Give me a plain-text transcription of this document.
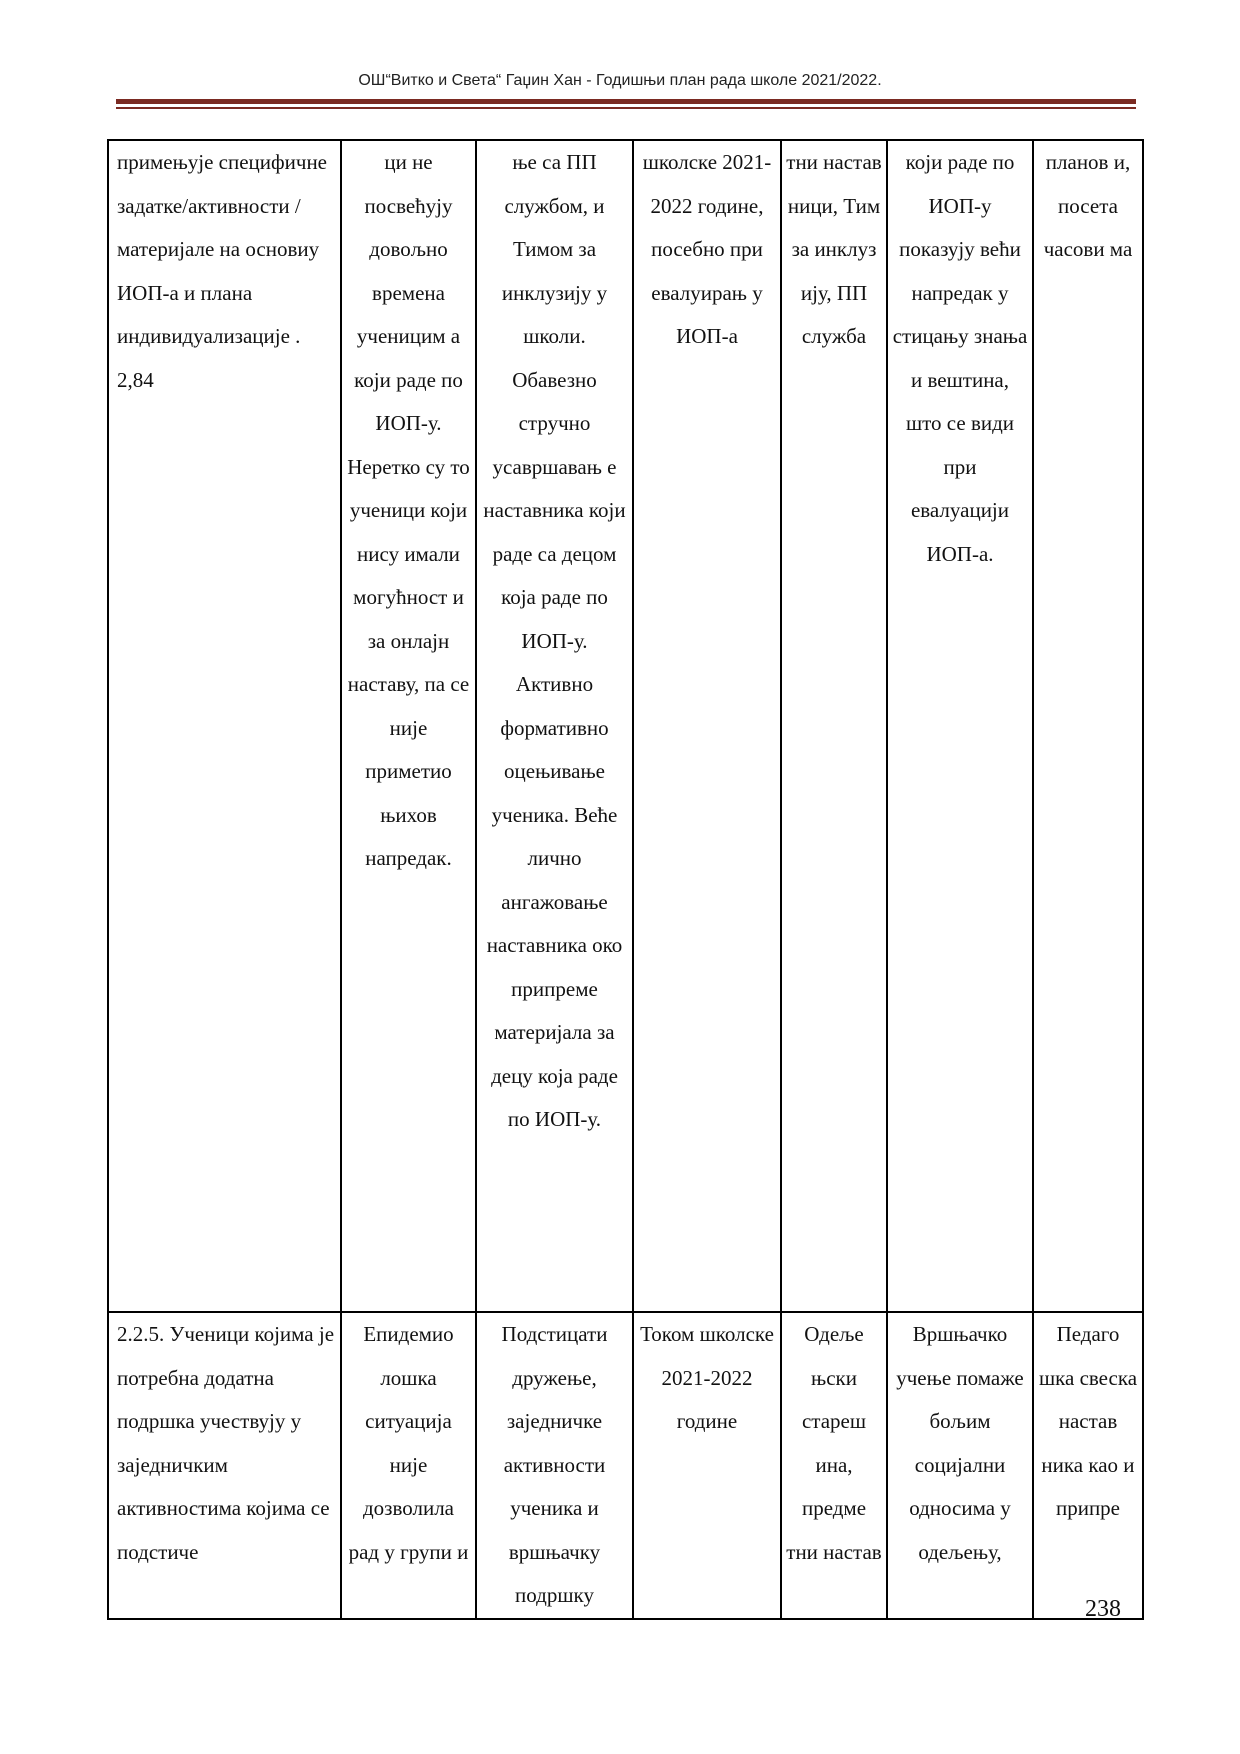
ОШ“Витко и Света“ Гаџин Хан - Годишњи план рада школе 2021/2022.
примењује специфичне задатке/активности /материјале на основиу ИОП-а и плана индивидуализације . 2,84	ци не посвећују довољно времена ученицим а који раде по ИОП-у. Неретко су то ученици који нису имали могућност и за онлајн наставу, па се није приметио њихов напредак.	ње са ПП службом, и Тимом за инклузију у школи. Обавезно стручно усавршавањ е наставника који раде са децом која раде по ИОП-у. Активно формативно оцењивање ученика. Веће лично ангажовање наставника око припреме материјала за децу која раде по ИОП-у.	школске 2021-2022 године, посебно при евалуирањ у ИОП-а	тни настав ници, Тим за инклуз ију, ПП служба	који раде по ИОП-у показују већи напредак у стицању знања и вештина, што се види при евалуацији ИОП-а.	планов и, посета часови ма
2.2.5. Ученици којима је потребна додатна подршка учествују у заједничким активностима којима се подстиче	Епидемио лошка ситуација није дозволила рад у групи и	Подстицати дружење, заједничке активности ученика и вршњачку подршку	Током школске 2021-2022 године	Одеље њски стареш ина, предме тни настав	Вршњачко учење помаже бољим социјални односима у одељењу,	Педаго шка свеска настав ника као и припре
238
